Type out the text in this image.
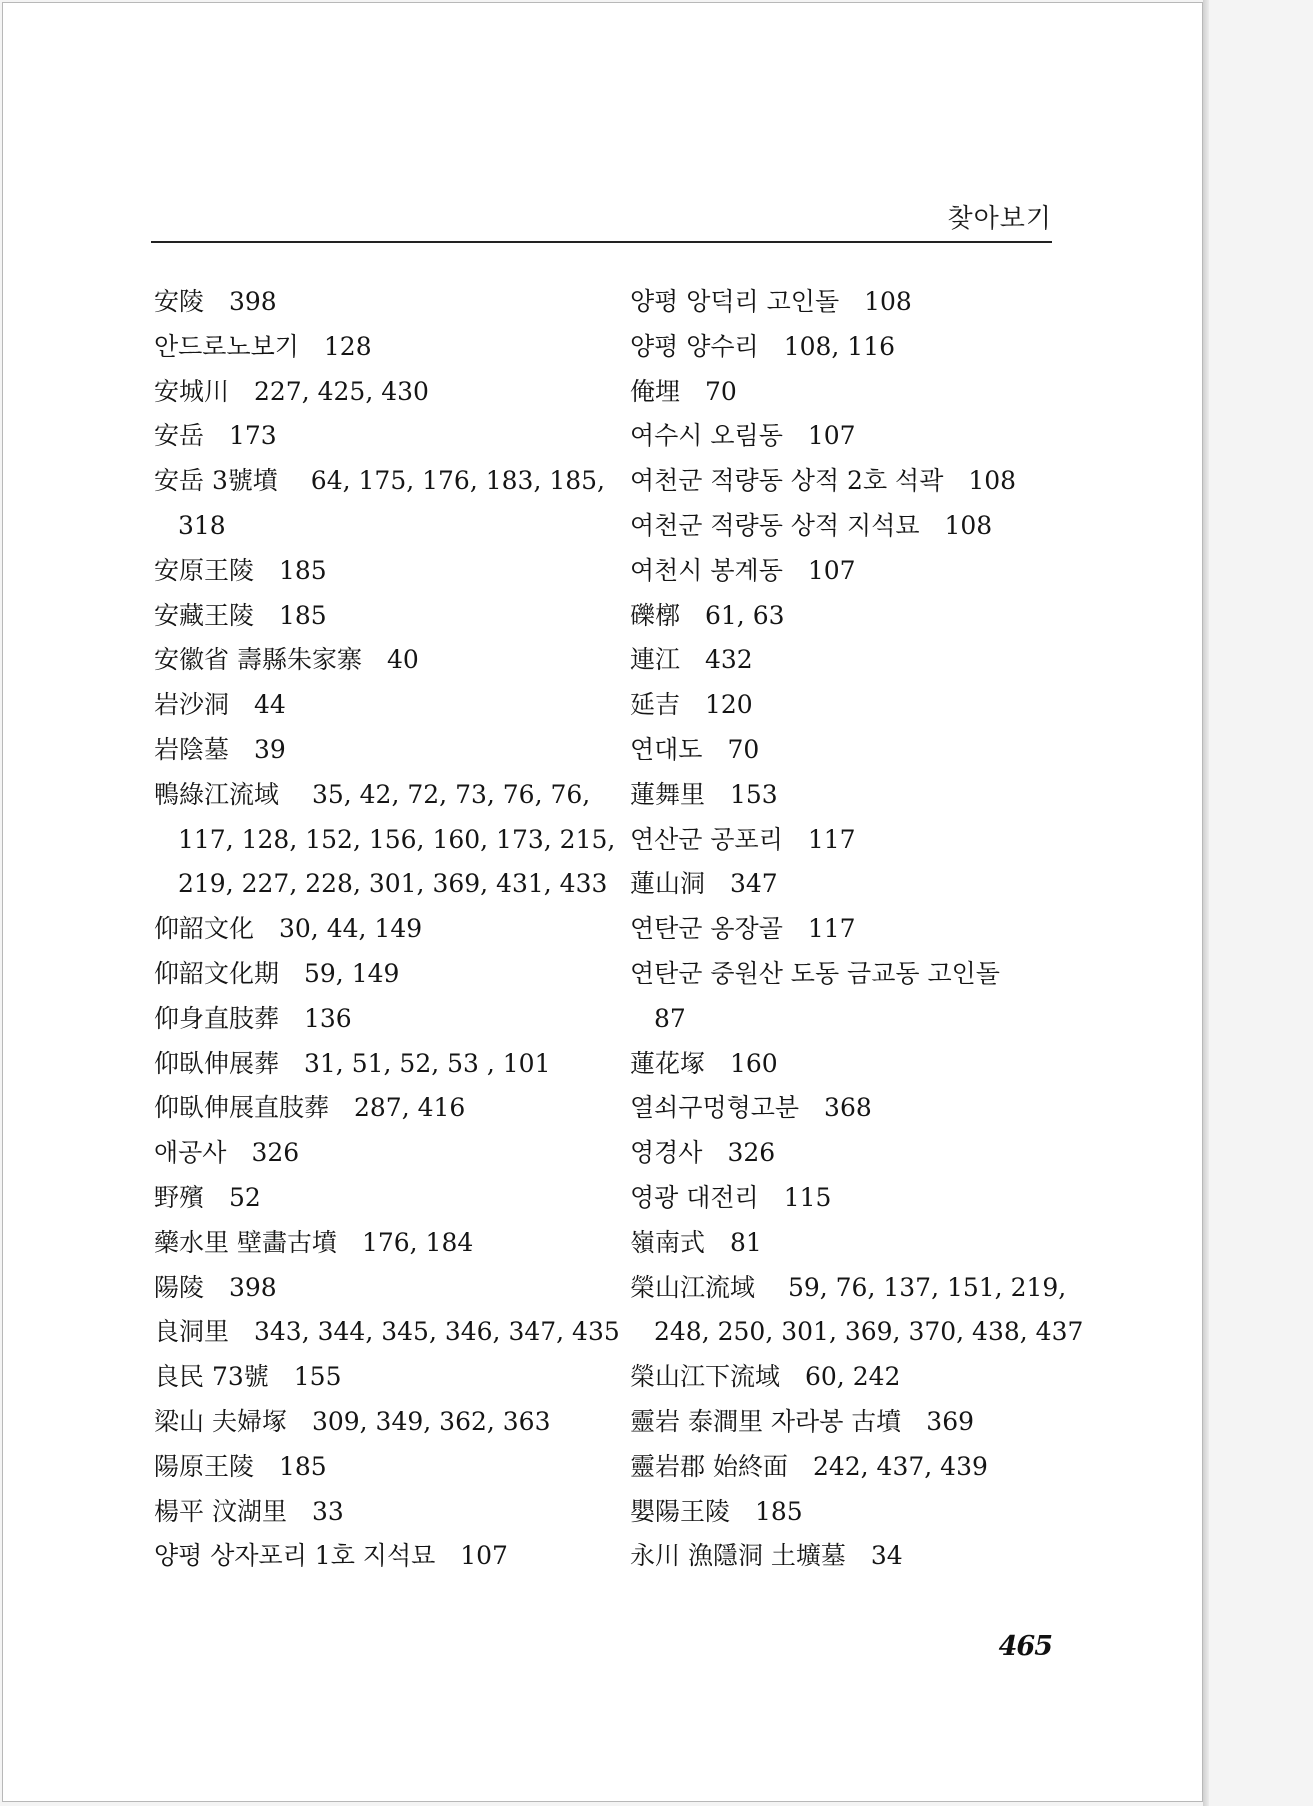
찾아보기
安陵　398
안드로노보기　128
安城川　227, 425, 430
安岳　173
安岳 3號墳　 64, 175, 176, 183, 185,
318
安原王陵　185
安藏王陵　185
安徽省 壽縣朱家寨　40
岩沙洞　44
岩陰墓　39
鴨綠江流域　 35, 42, 72, 73, 76, 76,
117, 128, 152, 156, 160, 173, 215,
219, 227, 228, 301, 369, 431, 433
仰韶文化　30, 44, 149
仰韶文化期　59, 149
仰身直肢葬　136
仰臥伸展葬　31, 51, 52, 53 , 101
仰臥伸展直肢葬　287, 416
애공사　326
野殯　52
藥水里 壁畵古墳　176, 184
陽陵　398
良洞里　343, 344, 345, 346, 347, 435
良民 73號　155
梁山 夫婦塚　309, 349, 362, 363
陽原王陵　185
楊平 汶湖里　33
양평 상자포리 1호 지석묘　107
양평 앙덕리 고인돌　108
양평 양수리　108, 116
俺埋　70
여수시 오림동　107
여천군 적량동 상적 2호 석곽　108
여천군 적량동 상적 지석묘　108
여천시 봉계동　107
礫槨　61, 63
連江　432
延吉　120
연대도　70
蓮舞里　153
연산군 공포리　117
蓮山洞　347
연탄군 옹장골　117
연탄군 중원산 도동 금교동 고인돌
87
蓮花塚　160
열쇠구멍형고분　368
영경사　326
영광 대전리　115
嶺南式　81
榮山江流域　 59, 76, 137, 151, 219,
248, 250, 301, 369, 370, 438, 437
榮山江下流域　60, 242
靈岩 泰澗里 자라봉 古墳　369
靈岩郡 始終面　242, 437, 439
嬰陽王陵　185
永川 漁隱洞 土壙墓　34
465
